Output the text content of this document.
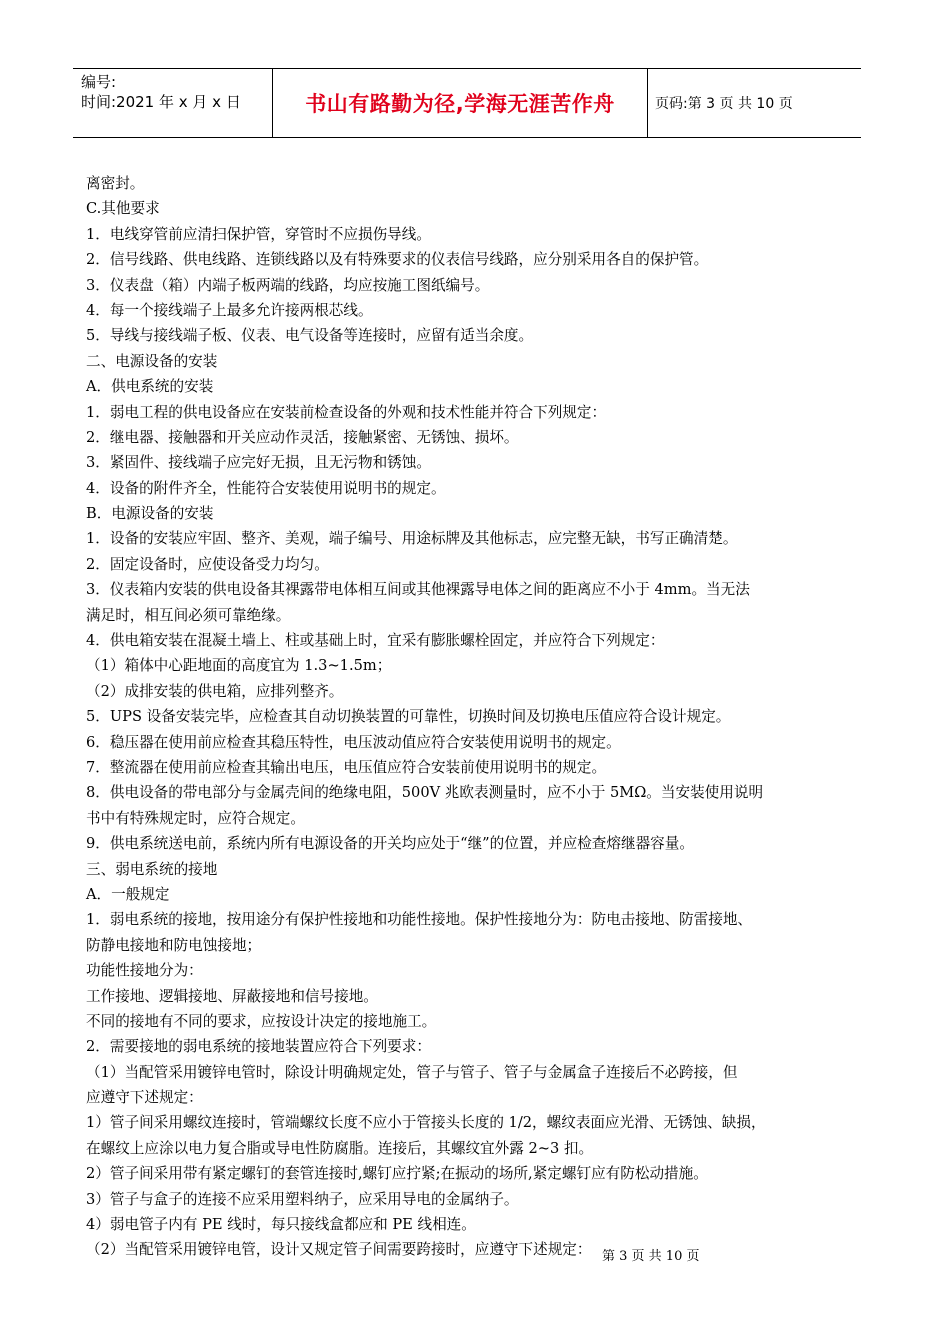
编号:
时间:2021 年 x 月 x 日	书山有路勤为径,学海无涯苦作舟	页码:第 3 页 共 10 页
离密封。
C.其他要求
1．电线穿管前应清扫保护管，穿管时不应损伤导线。
2．信号线路、供电线路、连锁线路以及有特殊要求的仪表信号线路，应分别采用各自的保护管。
3．仪表盘（箱）内端子板两端的线路，均应按施工图纸编号。
4．每一个接线端子上最多允许接两根芯线。
5．导线与接线端子板、仪表、电气设备等连接时，应留有适当余度。
二、电源设备的安装
A．供电系统的安装
1．弱电工程的供电设备应在安装前检查设备的外观和技术性能并符合下列规定：
2．继电器、接触器和开关应动作灵活，接触紧密、无锈蚀、损坏。
3．紧固件、接线端子应完好无损，且无污物和锈蚀。
4．设备的附件齐全，性能符合安装使用说明书的规定。
B．电源设备的安装
1．设备的安装应牢固、整齐、美观，端子编号、用途标牌及其他标志，应完整无缺，书写正确清楚。
2．固定设备时，应使设备受力均匀。
3．仪表箱内安装的供电设备其裸露带电体相互间或其他裸露导电体之间的距离应不小于 4mm。当无法
满足时，相互间必须可靠绝缘。
4．供电箱安装在混凝土墙上、柱或基础上时，宜采有膨胀螺栓固定，并应符合下列规定：
（1）箱体中心距地面的高度宜为 1.3~1.5m；
（2）成排安装的供电箱，应排列整齐。
5．UPS 设备安装完毕，应检查其自动切换装置的可靠性，切换时间及切换电压值应符合设计规定。
6．稳压器在使用前应检查其稳压特性，电压波动值应符合安装使用说明书的规定。
7．整流器在使用前应检查其输出电压，电压值应符合安装前使用说明书的规定。
8．供电设备的带电部分与金属壳间的绝缘电阻，500V 兆欧表测量时，应不小于 5MΩ。当安装使用说明
书中有特殊规定时，应符合规定。
9．供电系统送电前，系统内所有电源设备的开关均应处于“继”的位置，并应检查熔继器容量。
三、弱电系统的接地
A．一般规定
1．弱电系统的接地，按用途分有保护性接地和功能性接地。保护性接地分为：防电击接地、防雷接地、
防静电接地和防电蚀接地；
功能性接地分为：
工作接地、逻辑接地、屏蔽接地和信号接地。
不同的接地有不同的要求，应按设计决定的接地施工。
2．需要接地的弱电系统的接地装置应符合下列要求：
（1）当配管采用镀锌电管时，除设计明确规定处，管子与管子、管子与金属盒子连接后不必跨接，但
应遵守下述规定：
1）管子间采用螺纹连接时，管端螺纹长度不应小于管接头长度的 1/2，螺纹表面应光滑、无锈蚀、缺损，
在螺纹上应涂以电力复合脂或导电性防腐脂。连接后，其螺纹宜外露 2~3 扣。
2）管子间采用带有紧定螺钉的套管连接时,螺钉应拧紧;在振动的场所,紧定螺钉应有防松动措施。
3）管子与盒子的连接不应采用塑料纳子，应采用导电的金属纳子。
4）弱电管子内有 PE 线时，每只接线盒都应和 PE 线相连。
（2）当配管采用镀锌电管，设计又规定管子间需要跨接时，应遵守下述规定： 第 3 页 共 10 页
